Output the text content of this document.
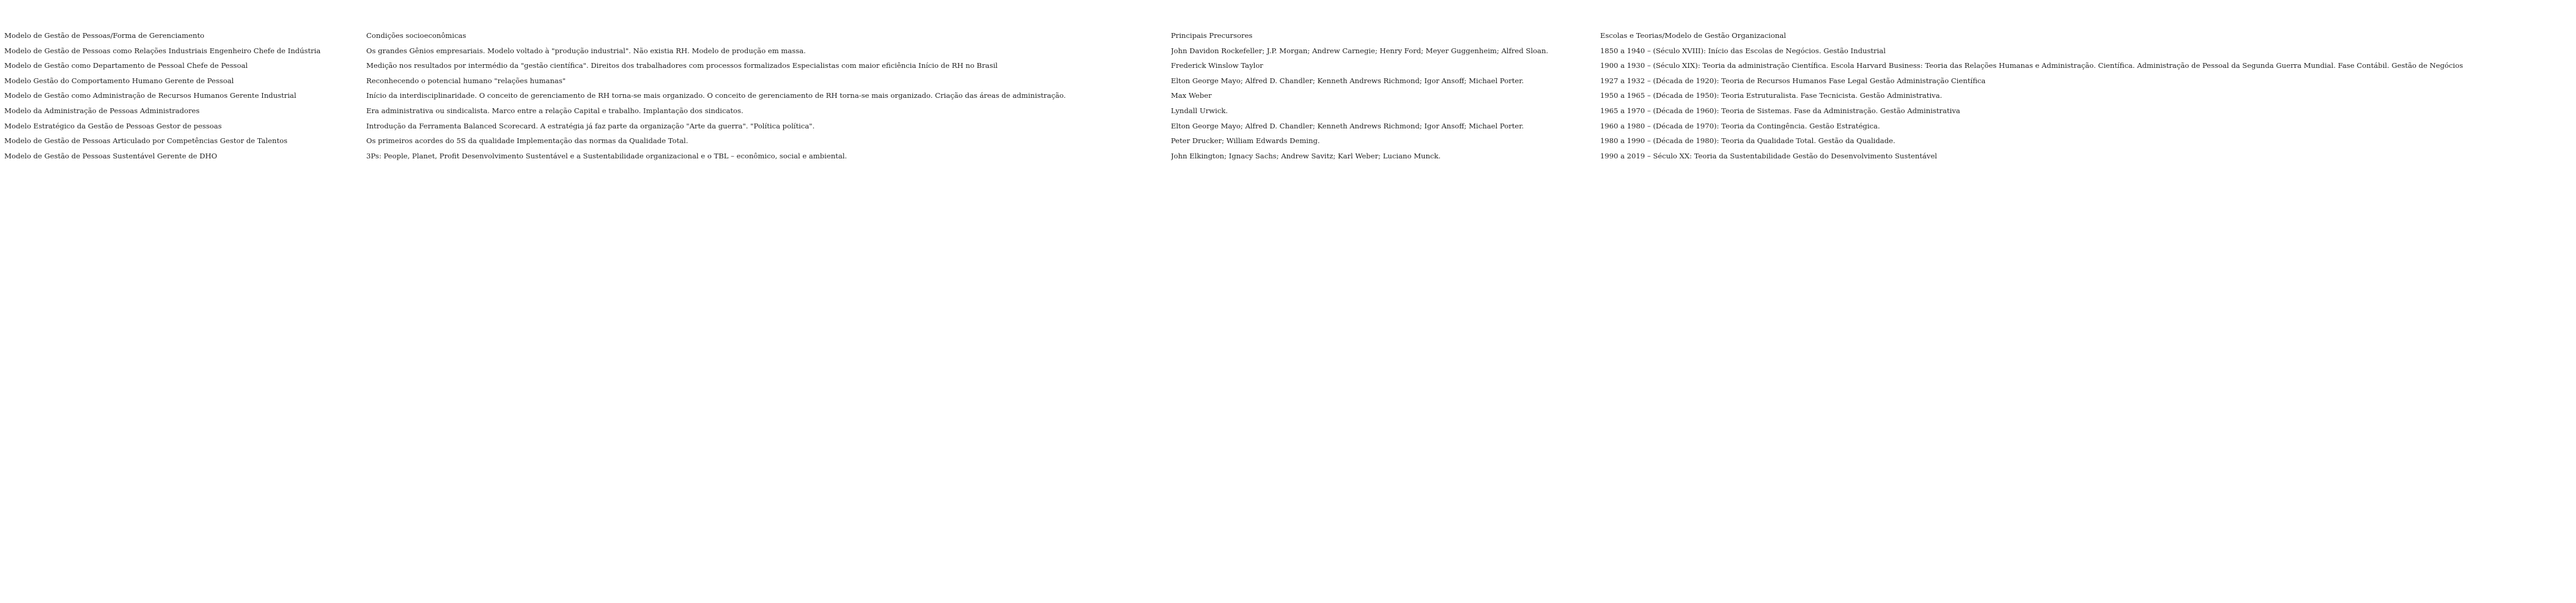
Modelo de Gestão de Pessoas/Forma de Gerenciamento	Condições socioeconômicas	Principais Precursores	Escolas e Teorias/Modelo de Gestão Organizacional
Modelo de Gestão de Pessoas como Relações Industriais Engenheiro Chefe de Indústria	Os grandes Gênios empresariais. Modelo voltado à "produção industrial". Não existia RH. Modelo de produção em massa.	John Davidon Rockefeller; J.P. Morgan; Andrew Carnegie; Henry Ford; Meyer Guggenheim; Alfred Sloan.	1850 a 1940 – (Século XVIII): Início das Escolas de Negócios. Gestão Industrial
Modelo de Gestão como Departamento de Pessoal Chefe de Pessoal	Medição nos resultados por intermédio da "gestão científica". Direitos dos trabalhadores com processos formalizados Especialistas com maior eficiência Início de RH no Brasil	Frederick Winslow Taylor	1900 a 1930 – (Século XIX): Teoria da administração Científica. Escola Harvard Business: Teoria das Relações Humanas e Administração. Científica. Administração de Pessoal da Segunda Guerra Mundial. Fase Contábil. Gestão de Negócios
Modelo Gestão do Comportamento Humano Gerente de Pessoal	Reconhecendo o potencial humano "relações humanas"	Elton George Mayo; Alfred D. Chandler; Kenneth Andrews Richmond; Igor Ansoff; Michael Porter.	1927 a 1932 – (Década de 1920): Teoria de Recursos Humanos Fase Legal Gestão Administração Científica
Modelo de Gestão como Administração de Recursos Humanos Gerente Industrial	Início da interdisciplinaridade. O conceito de gerenciamento de RH torna-se mais organizado. O conceito de gerenciamento de RH torna-se mais organizado. Criação das áreas de administração.	Max Weber	1950 a 1965 – (Década de 1950): Teoria Estruturalista. Fase Tecnicista. Gestão Administrativa.
Modelo da Administração de Pessoas Administradores	Era administrativa ou sindicalista. Marco entre a relação Capital e trabalho. Implantação dos sindicatos.	Lyndall Urwick.	1965 a 1970 – (Década de 1960): Teoria de Sistemas. Fase da Administração. Gestão Administrativa
Modelo Estratégico da Gestão de Pessoas Gestor de pessoas	Introdução da Ferramenta Balanced Scorecard. A estratégia já faz parte da organização "Arte da guerra". "Política política".	Elton George Mayo; Alfred D. Chandler; Kenneth Andrews Richmond; Igor Ansoff; Michael Porter.	1960 a 1980 – (Década de 1970): Teoria da Contingência. Gestão Estratégica.
Modelo de Gestão de Pessoas Articulado por Competências Gestor de Talentos	Os primeiros acordes do 5S da qualidade Implementação das normas da Qualidade Total.	Peter Drucker; William Edwards Deming.	1980 a 1990 – (Década de 1980): Teoria da Qualidade Total. Gestão da Qualidade.
Modelo de Gestão de Pessoas Sustentável Gerente de DHO	3Ps: People, Planet, Profit Desenvolvimento Sustentável e a Sustentabilidade organizacional e o TBL – econômico, social e ambiental.	John Elkington; Ignacy Sachs; Andrew Savitz; Karl Weber; Luciano Munck.	1990 a 2019 – Século XX: Teoria da Sustentabilidade Gestão do Desenvolvimento Sustentável
